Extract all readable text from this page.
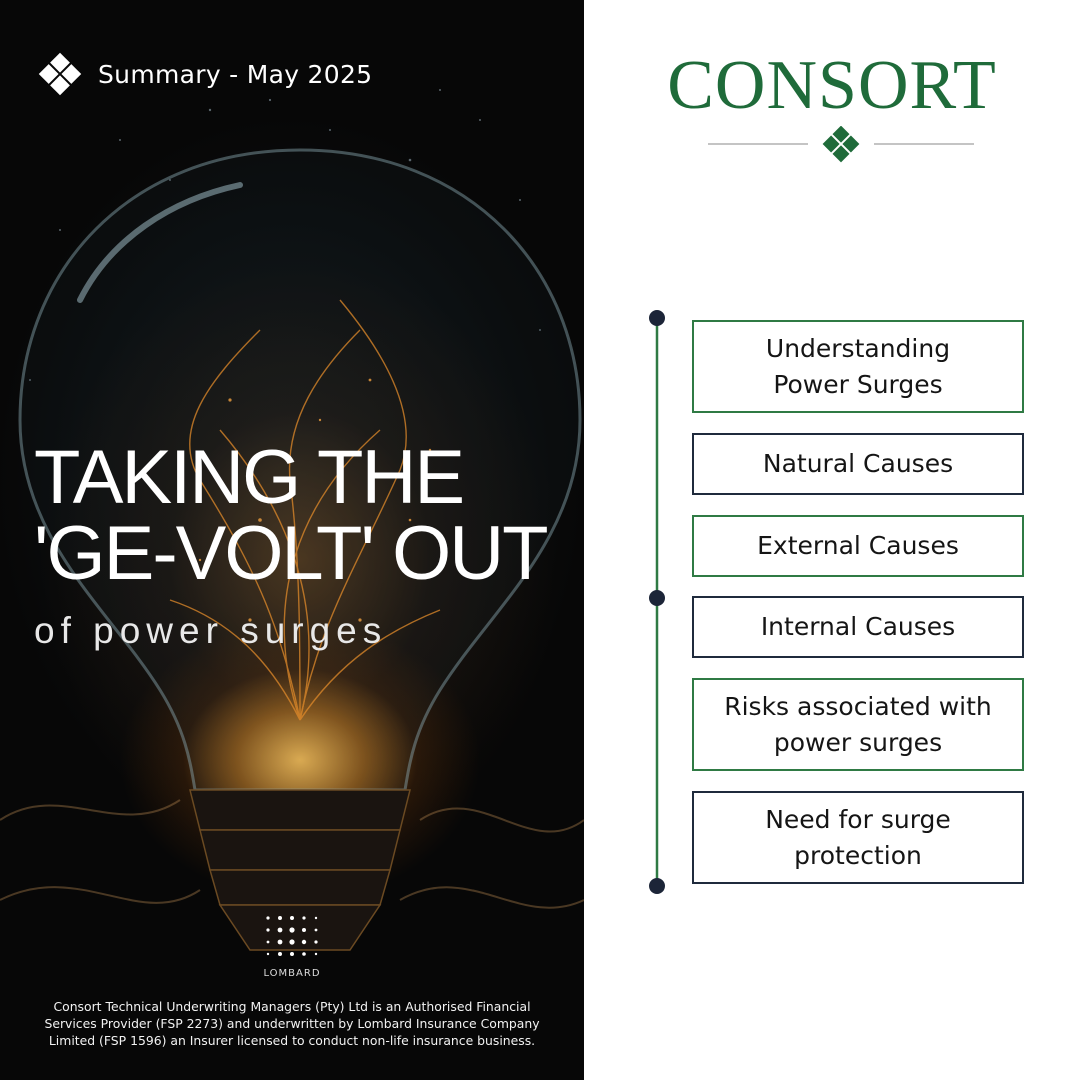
Summary - May 2025
TAKING THE
'GE-VOLT' OUT
of power surges
LOMBARD
Consort Technical Underwriting Managers (Pty) Ltd is an Authorised Financial Services Provider (FSP 2273) and underwritten by Lombard Insurance Company Limited (FSP 1596) an Insurer licensed to conduct non-life insurance business.
CONSORT
Understanding Power Surges
Natural Causes
External Causes
Internal Causes
Risks associated with power surges
Need for surge protection
